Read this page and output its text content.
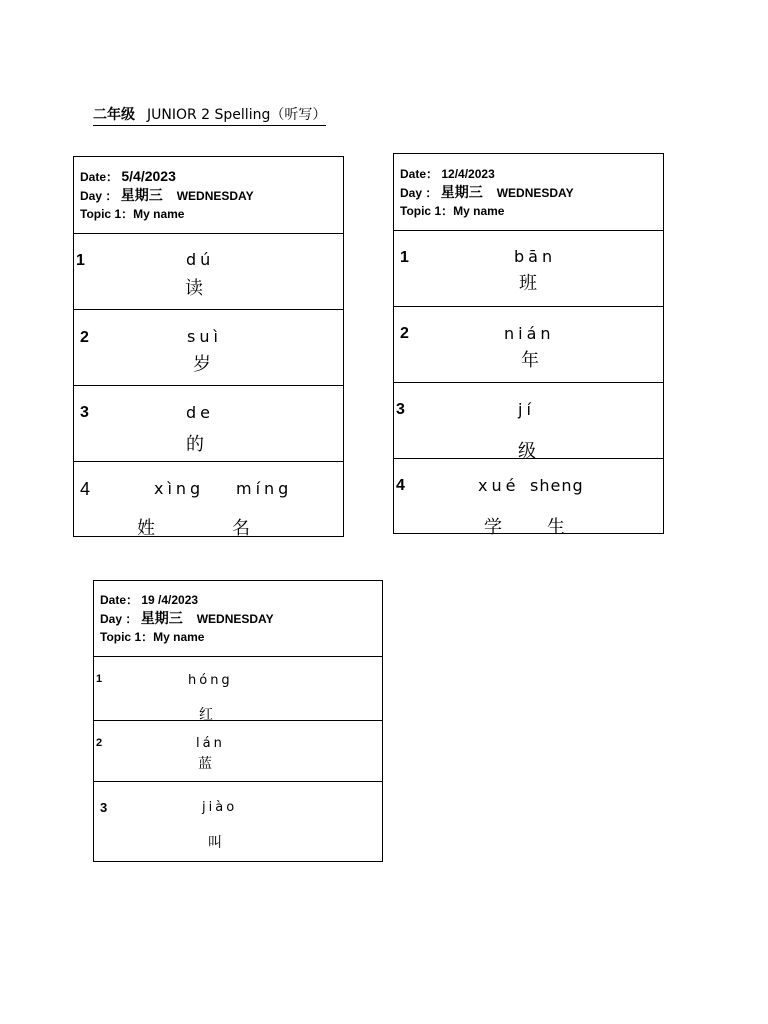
二年级 JUNIOR 2 Spelling（听写）
Date： 5/4/2023
Day ： 星期三 WEDNESDAY
Topic 1：My name
1	dú
读
2	suì
岁
3	de
的
4	xìng míng
姓	名
Date： 12/4/2023
Day ： 星期三 WEDNESDAY
Topic 1：My name
1	bān
班
2	nián
年
3	jí
级
4	xué sheng
学	生
Date： 19 /4/2023
Day ： 星期三 WEDNESDAY
Topic 1：My name
1	hóng
红
2	lán
蓝
3	jiào
叫
